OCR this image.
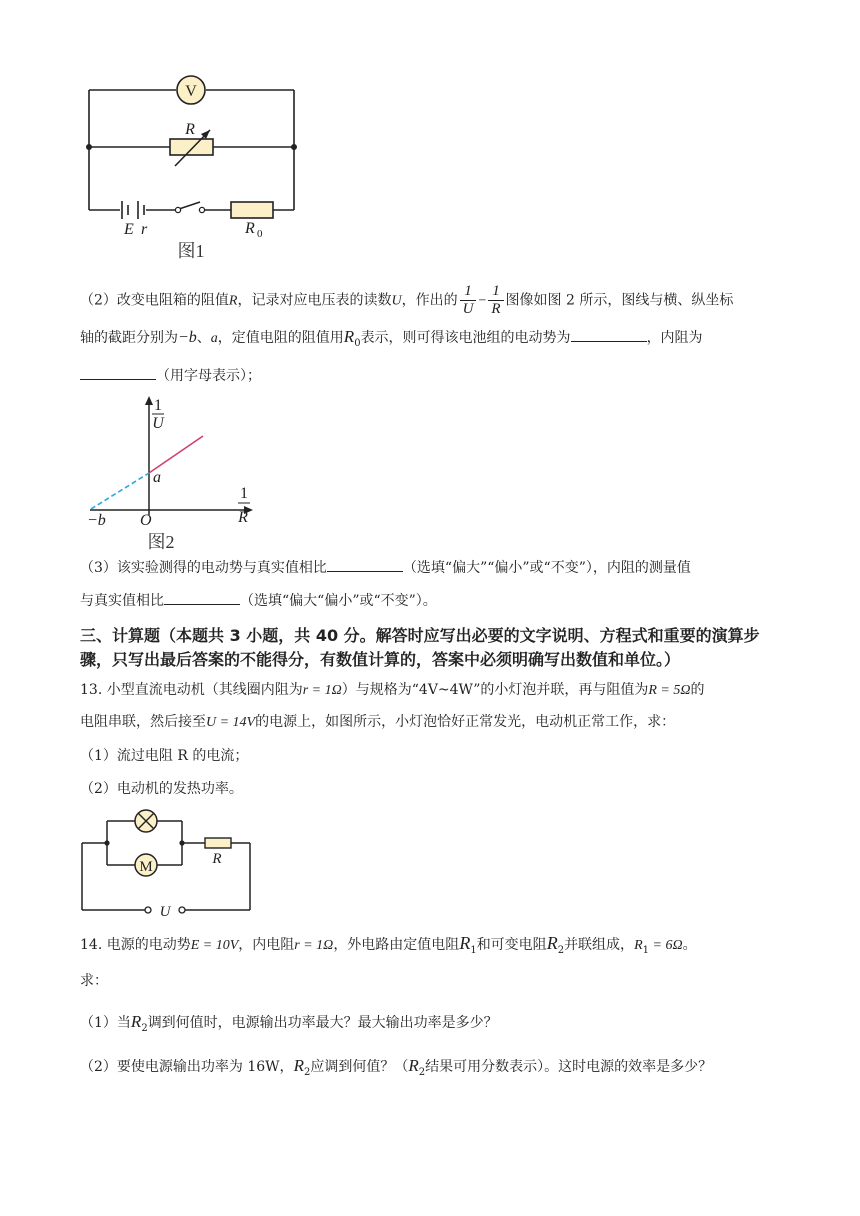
V
R
E r	R 0
图1
（2）改变电阻箱的阻值R，记录对应电压表的读数U，作出的 $\frac{1}{U} - \frac{1}{R}$ 图像如图 2 所示，图线与横、纵坐标
轴的截距分别为−b、a，定值电阻的阻值用$R_0$表示，则可得该电池组的电动势为	，内阻为
（用字母表示）；
1
U
1
R
a
O
−b
图2
（3）该实验测得的电动势与真实值相比	（选填“偏大”“偏小”或“不变”），内阻的测量值
与真实值相比	（选填“偏大“偏小”或“不变”）。
三、计算题（本题共 3 小题，共 40 分。解答时应写出必要的文字说明、方程式和重要的演算步骤，只写出最后答案的不能得分，有数值计算的，答案中必须明确写出数值和单位。）
13. 小型直流电动机（其线圈内阻为r = 1Ω）与规格为“4V~4W”的小灯泡并联，再与阻值为R = 5Ω的
电阻串联，然后接至U = 14V的电源上，如图所示，小灯泡恰好正常发光，电动机正常工作，求：
（1）流过电阻 R 的电流；
（2）电动机的发热功率。
M	R
U
14. 电源的电动势E = 10V，内电阻r = 1Ω，外电路由定值电阻$R_1$和可变电阻$R_2$并联组成，$R_1 = 6\Omega$。
求：
（1）当$R_2$调到何值时，电源输出功率最大？最大输出功率是多少？
（2）要使电源输出功率为 16W，$R_2$应调到何值？（$R_2$结果可用分数表示）。这时电源的效率是多少？
